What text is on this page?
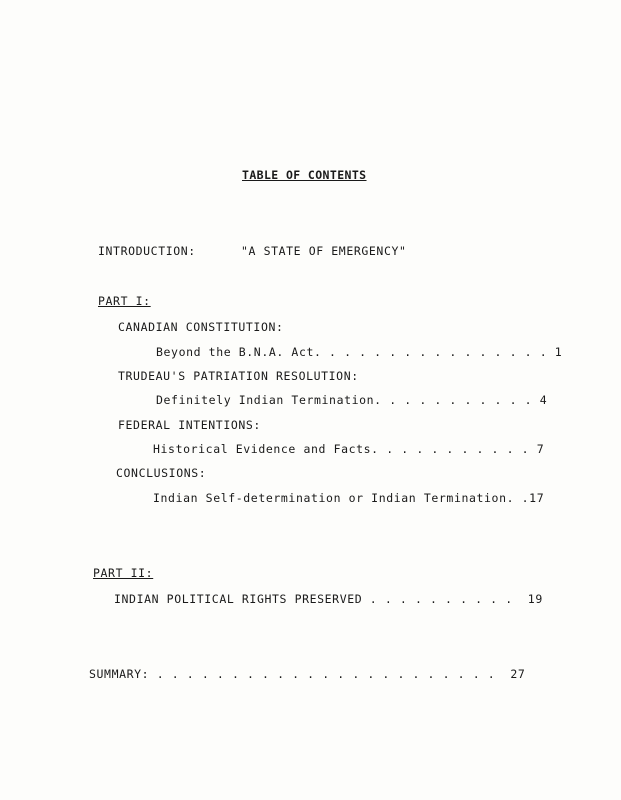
TABLE OF CONTENTS
INTRODUCTION:	"A STATE OF EMERGENCY"
PART I:
CANADIAN CONSTITUTION:
Beyond the B.N.A. Act. . . . . . . . . . . . . . . . 1
TRUDEAU'S PATRIATION RESOLUTION:
Definitely Indian Termination. . . . . . . . . . . 4
FEDERAL INTENTIONS:
Historical Evidence and Facts. . . . . . . . . . . 7
CONCLUSIONS:
Indian Self-determination or Indian Termination. .17
PART II:
INDIAN POLITICAL RIGHTS PRESERVED . . . . . . . . . .  19
SUMMARY: . . . . . . . . . . . . . . . . . . . . . . .  27
